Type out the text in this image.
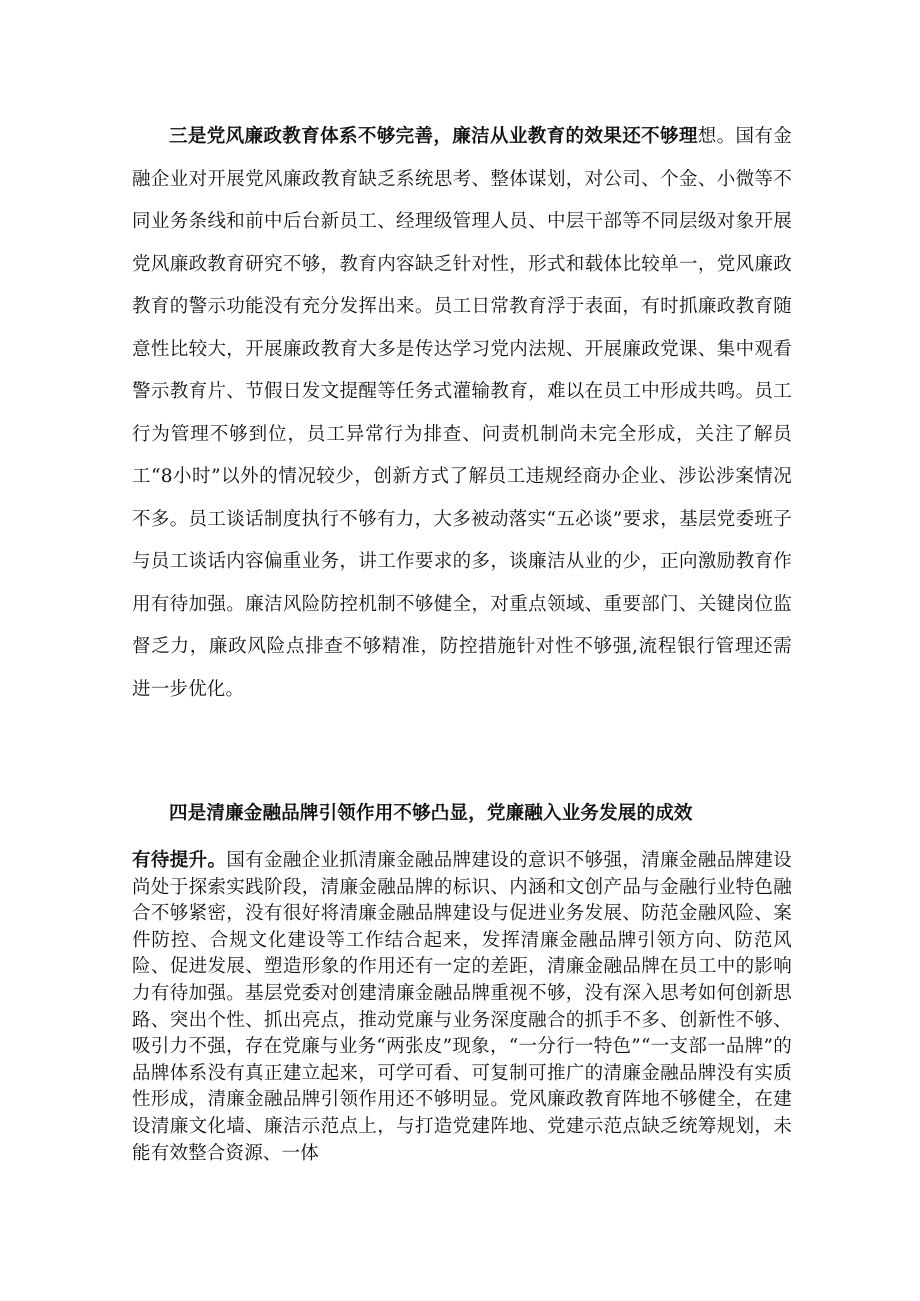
三是党风廉政教育体系不够完善，廉洁从业教育的效果还不够理想。国有金融企业对开展党风廉政教育缺乏系统思考、整体谋划，对公司、个金、小微等不同业务条线和前中后台新员工、经理级管理人员、中层干部等不同层级对象开展党风廉政教育研究不够，教育内容缺乏针对性，形式和载体比较单一，党风廉政教育的警示功能没有充分发挥出来。员工日常教育浮于表面，有时抓廉政教育随意性比较大，开展廉政教育大多是传达学习党内法规、开展廉政党课、集中观看警示教育片、节假日发文提醒等任务式灌输教育，难以在员工中形成共鸣。员工行为管理不够到位，员工异常行为排查、问责机制尚未完全形成，关注了解员工“8小时”以外的情况较少，创新方式了解员工违规经商办企业、涉讼涉案情况不多。员工谈话制度执行不够有力，大多被动落实“五必谈”要求，基层党委班子与员工谈话内容偏重业务，讲工作要求的多，谈廉洁从业的少，正向激励教育作用有待加强。廉洁风险防控机制不够健全，对重点领域、重要部门、关键岗位监督乏力，廉政风险点排查不够精准，防控措施针对性不够强,流程银行管理还需进一步优化。

四是清廉金融品牌引领作用不够凸显，党廉融入业务发展的成效

有待提升。国有金融企业抓清廉金融品牌建设的意识不够强，清廉金融品牌建设尚处于探索实践阶段，清廉金融品牌的标识、内涵和文创产品与金融行业特色融合不够紧密，没有很好将清廉金融品牌建设与促进业务发展、防范金融风险、案件防控、合规文化建设等工作结合起来，发挥清廉金融品牌引领方向、防范风险、促进发展、塑造形象的作用还有一定的差距，清廉金融品牌在员工中的影响力有待加强。基层党委对创建清廉金融品牌重视不够，没有深入思考如何创新思路、突出个性、抓出亮点，推动党廉与业务深度融合的抓手不多、创新性不够、吸引力不强，存在党廉与业务“两张皮”现象，“一分行一特色”“一支部一品牌”的品牌体系没有真正建立起来，可学可看、可复制可推广的清廉金融品牌没有实质性形成，清廉金融品牌引领作用还不够明显。党风廉政教育阵地不够健全，在建设清廉文化墙、廉洁示范点上，与打造党建阵地、党建示范点缺乏统筹规划，未能有效整合资源、一体
